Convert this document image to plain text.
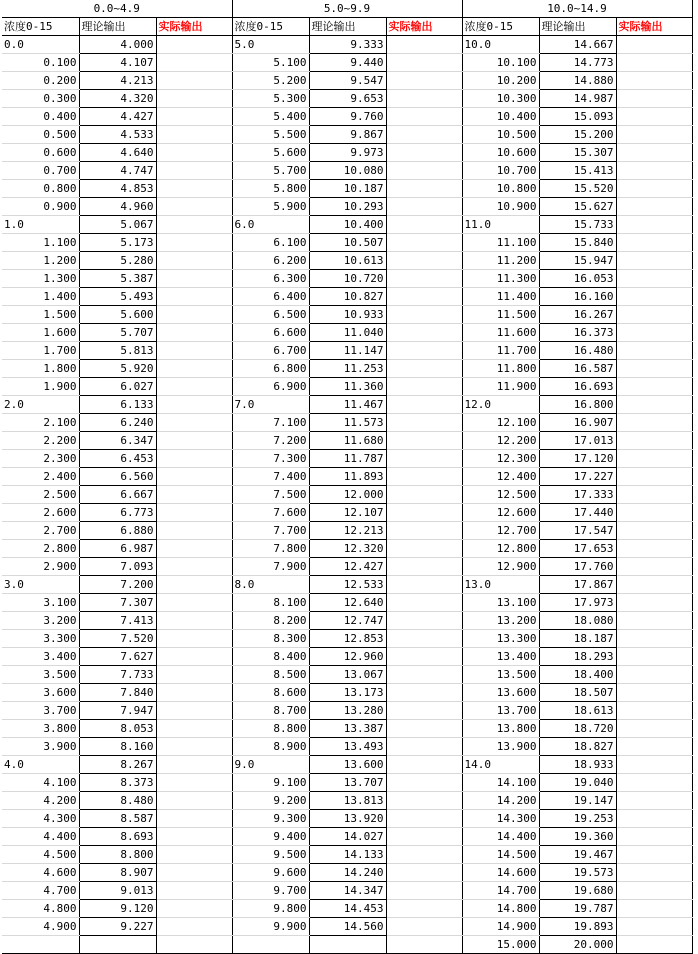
0.0~4.9			5.0~9.9			10.0~14.9		
浓度0-15	理论输出	实际输出	浓度0-15	理论输出	实际输出	浓度0-15	理论输出	实际输出
0.0	4.000		5.0	9.333		10.0	14.667	
0.100	4.107		5.100	9.440		10.100	14.773	
0.200	4.213		5.200	9.547		10.200	14.880	
0.300	4.320		5.300	9.653		10.300	14.987	
0.400	4.427		5.400	9.760		10.400	15.093	
0.500	4.533		5.500	9.867		10.500	15.200	
0.600	4.640		5.600	9.973		10.600	15.307	
0.700	4.747		5.700	10.080		10.700	15.413	
0.800	4.853		5.800	10.187		10.800	15.520	
0.900	4.960		5.900	10.293		10.900	15.627	
1.0	5.067		6.0	10.400		11.0	15.733	
1.100	5.173		6.100	10.507		11.100	15.840	
1.200	5.280		6.200	10.613		11.200	15.947	
1.300	5.387		6.300	10.720		11.300	16.053	
1.400	5.493		6.400	10.827		11.400	16.160	
1.500	5.600		6.500	10.933		11.500	16.267	
1.600	5.707		6.600	11.040		11.600	16.373	
1.700	5.813		6.700	11.147		11.700	16.480	
1.800	5.920		6.800	11.253		11.800	16.587	
1.900	6.027		6.900	11.360		11.900	16.693	
2.0	6.133		7.0	11.467		12.0	16.800	
2.100	6.240		7.100	11.573		12.100	16.907	
2.200	6.347		7.200	11.680		12.200	17.013	
2.300	6.453		7.300	11.787		12.300	17.120	
2.400	6.560		7.400	11.893		12.400	17.227	
2.500	6.667		7.500	12.000		12.500	17.333	
2.600	6.773		7.600	12.107		12.600	17.440	
2.700	6.880		7.700	12.213		12.700	17.547	
2.800	6.987		7.800	12.320		12.800	17.653	
2.900	7.093		7.900	12.427		12.900	17.760	
3.0	7.200		8.0	12.533		13.0	17.867	
3.100	7.307		8.100	12.640		13.100	17.973	
3.200	7.413		8.200	12.747		13.200	18.080	
3.300	7.520		8.300	12.853		13.300	18.187	
3.400	7.627		8.400	12.960		13.400	18.293	
3.500	7.733		8.500	13.067		13.500	18.400	
3.600	7.840		8.600	13.173		13.600	18.507	
3.700	7.947		8.700	13.280		13.700	18.613	
3.800	8.053		8.800	13.387		13.800	18.720	
3.900	8.160		8.900	13.493		13.900	18.827	
4.0	8.267		9.0	13.600		14.0	18.933	
4.100	8.373		9.100	13.707		14.100	19.040	
4.200	8.480		9.200	13.813		14.200	19.147	
4.300	8.587		9.300	13.920		14.300	19.253	
4.400	8.693		9.400	14.027		14.400	19.360	
4.500	8.800		9.500	14.133		14.500	19.467	
4.600	8.907		9.600	14.240		14.600	19.573	
4.700	9.013		9.700	14.347		14.700	19.680	
4.800	9.120		9.800	14.453		14.800	19.787	
4.900	9.227		9.900	14.560		14.900	19.893	
						15.000	20.000	
